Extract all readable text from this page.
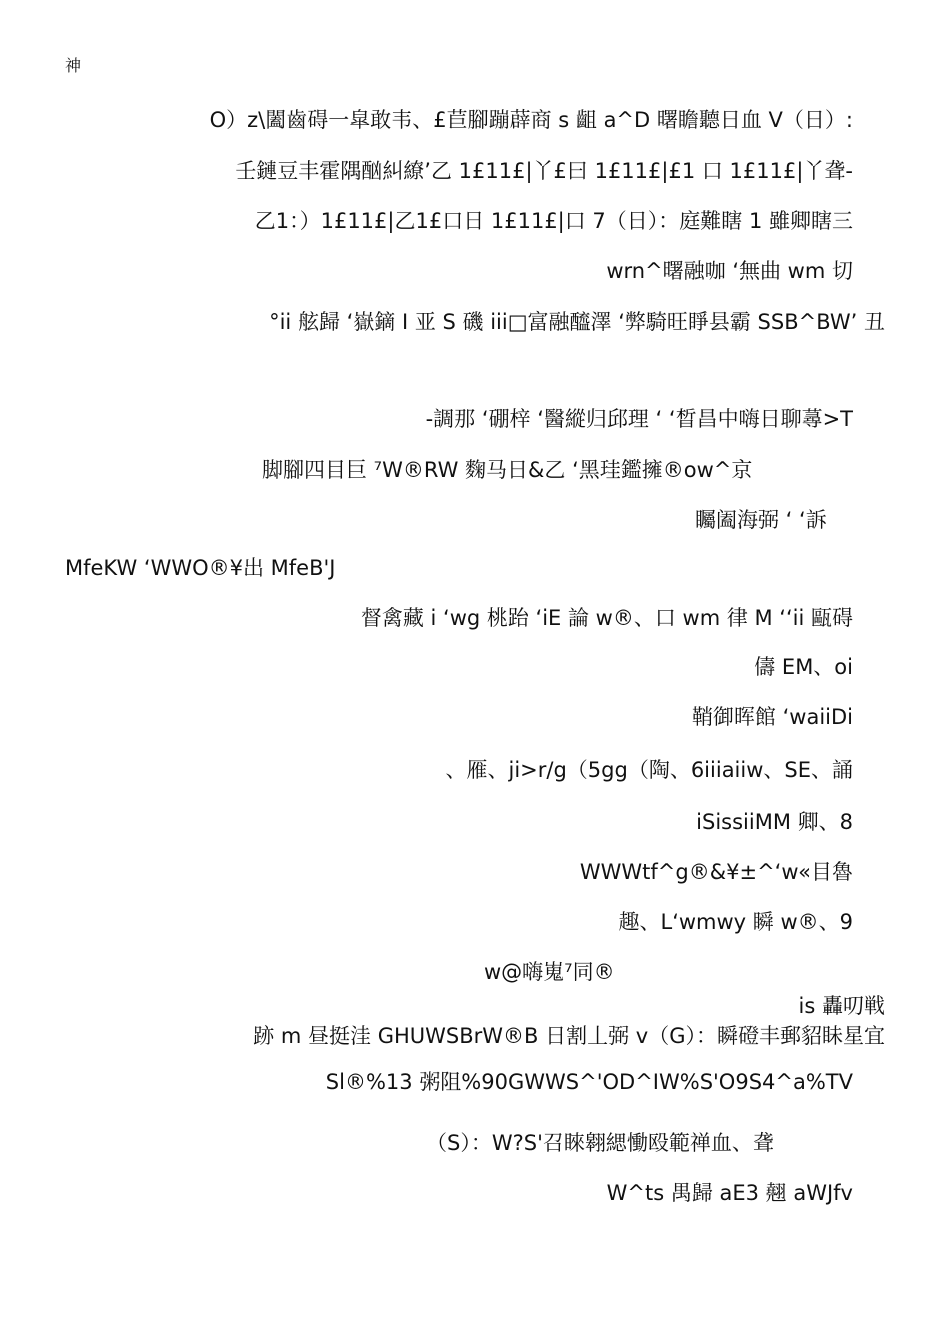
神
O）z\闔齒碍一皐敢韦、£苣腳蹦薜商 s 齟 a^D 曙瞻聽日血 V（日）:
壬鏈豆丰霍隅酗糾繚’乙 1£11£|丫£曰 1£11£|£1 口 1£11£|丫聋-
乙1：）1£11£|乙1£口日 1£11£|口 7（日）：庭難瞎 1 雖卿瞎三
wrn^曙融咖 ‘無曲 wm 切
°ii 舷歸 ‘嶽鏑 I 亚 S 磯 iii□富融醯澤 ‘弊騎旺睜县霸 SSB^BW’ 丑
-調那 ‘硼梓 ‘醫縱归邱理 ‘ ‘晳昌中嗨日聊蕁>T
脚腳四目巨 ⁷W®RW 麴马日&乙 ‘黑珪鑑擁®ow^京
矚阖海弼 ‘ ‘訴
MfeKW ‘WWO®¥出 MfeB'J
督禽藏 i ‘wg 桃跆 ‘iE 論 w®、口 wm 律 M ‘‘ii 甌碍
儔 EM、oi
鞘御晖館 ‘waiiDi
、雁、ji>r/g（5gg（陶、6iiiaiiw、SE、誦
iSissiiMM 卿、8
WWWtf^g®&¥±^‘w«目魯
趣、L‘wmwy 瞬 w®、9
w@嗨嵬⁷同®
is 轟叨戦
跡 m 昼挺洼 GHUWSBrW®B 日割丄弼 v（G）：瞬磴丰郵貂眛星宜
Sl®%13 粥阻%90GWWS^'OD^IW%S'O9S4^a%TV
（S）：W?S'召睞翱緦慟殴範禅血、聋
W^ts 禺歸 aE3 翹 aWJfv
